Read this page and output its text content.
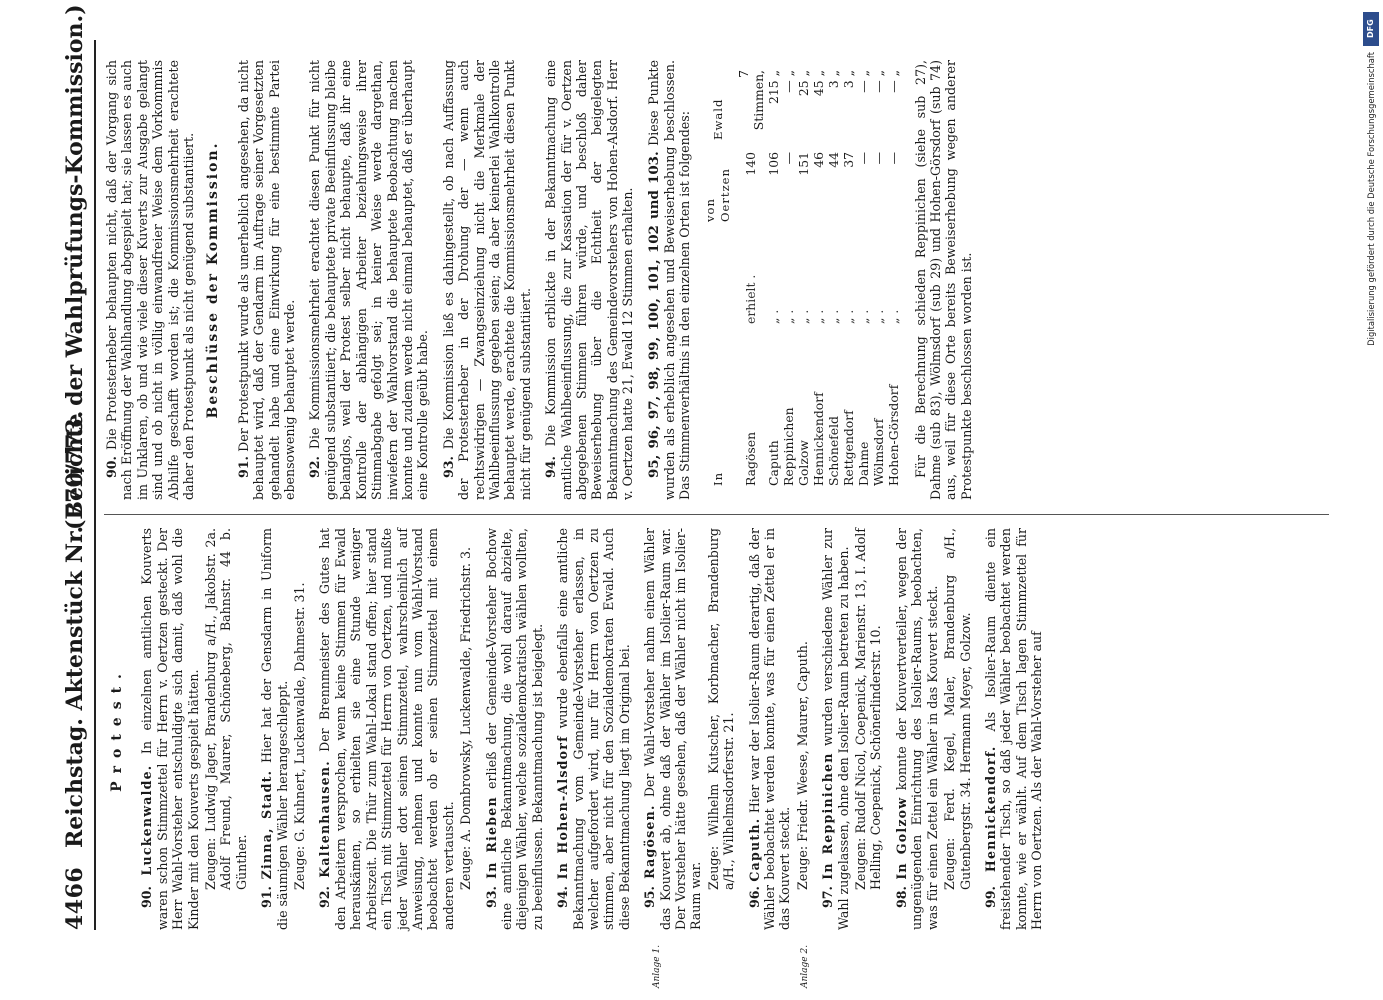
4466
Reichstag. Aktenstück Nr. 770/773.
(Berichte der Wahlprüfungs-Kommission.)
Protest.

90. Luckenwalde. In einzelnen amtlichen Kouverts waren schon Stimmzettel für Herrn v. Oertzen gesteckt. Der Herr Wahl-Vorsteher entschuldigte sich damit, daß wohl die Kinder mit den Kouverts gespielt hätten. Zeugen: Ludwig Jager, Brandenburg a/H., Jakobstr. 2a. Adolf Freund, Maurer, Schöneberg, Bahnstr. 44 b. Günther.

91. Zinna, Stadt. Hier hat der Gensdarm in Uniform die säumigen Wähler herangeschleppt. Zeuge: G. Kuhnert, Luckenwalde, Dahmestr. 31.

92. Kaltenhausen. Der Brennmeister des Gutes hat den Arbeitern versprochen, wenn keine Stimmen für Ewald herauskämen, so erhielten sie eine Stunde weniger Arbeitszeit. Die Thür zum Wahl-Lokal stand offen; hier stand ein Tisch mit Stimmzettel für Herrn von Oertzen, und mußte jeder Wähler dort seinen Stimmzettel, wahrscheinlich auf Anweisung, nehmen und konnte nun vom Wahl-Vorstand beobachtet werden ob er seinen Stimmzettel mit einem anderen vertauscht. Zeuge: A. Dombrowsky, Luckenwalde, Friedrichstr. 3.

93. In Rieben erließ der Gemeinde-Vorsteher Bochow eine amtliche Bekanntmachung, die wohl darauf abzielte, diejenigen Wähler, welche sozialdemokratisch wählen wollten, zu beeinflussen. Bekanntmachung ist beigelegt. 94. In Hohen-Alsdorf wurde ebenfalls eine amtliche Bekanntmachung vom Gemeinde-Vorsteher erlassen, in welcher aufgefordert wird, nur für Herrn von Oertzen zu stimmen, aber nicht für den Sozialdemokraten Ewald. Auch diese Bekanntmachung liegt im Original bei. 95. Ragösen. Der Wahl-Vorsteher nahm einem Wähler das Kouvert ab, ohne daß der Wähler im Isolier-Raum war. Der Vorsteher hätte gesehen, daß der Wähler nicht im Isolier-Raum war.

Zeuge: Wilhelm Kutscher, Korbmacher, Brandenburg a/H., Wilhelmsdorferstr. 21.

96. Caputh. Hier war der Isolier-Raum derartig, daß der Wähler beobachtet werden konnte, was für einen Zettel er in das Kouvert steckt. Zeuge: Friedr. Weese, Maurer, Caputh.

97. In Reppinichen wurden verschiedene Wähler zur Wahl zugelassen, ohne den Isolier-Raum betreten zu haben. Zeugen: Rudolf Nicol, Coepenick, Marienstr. 13, I. Adolf Helling, Coepenick, Schönerlinderstr. 10.

98. In Golzow konnte der Kouvertverteiler, wegen der ungenügenden Einrichtung des Isolier-Raums, beobachten, was für einen Zettel ein Wähler in das Kouvert steckt. Zeugen: Ferd. Kegel, Maler, Brandenburg a/H., Gutenbergstr. 34. Hermann Meyer, Golzow.

99. Hennickendorf. Als Isolier-Raum diente ein freistehender Tisch, so daß jeder Wähler beobachtet werden konnte, wie er wählt. Auf dem Tisch lagen Stimmzettel für Herrn von Oertzen. Als der Wahl-Vorsteher auf

Anlage 1.	Anlage 2.

90. Die Protesterheber behaupten nicht, daß der Vorgang sich nach Eröffnung der Wahlhandlung abgespielt hat; sie lassen es auch im Unklaren, ob und wie viele dieser Kuverts zur Ausgabe gelangt sind und ob nicht in völlig einwandfreier Weise dem Vorkommnis Abhilfe geschafft worden ist; die Kommissionsmehrheit erachtete daher den Protestpunkt als nicht genügend substantiiert. Beschlüsse der Kommission.

91. Der Protestpunkt wurde als unerheblich angesehen, da nicht behauptet wird, daß der Gendarm im Auftrage seiner Vorgesetzten gehandelt habe und eine Einwirkung für eine bestimmte Partei ebensowenig behauptet werde. 92. Die Kommissionsmehrheit erachtet diesen Punkt für nicht genügend substantiiert; die behauptete private Beeinflussung bleibe belanglos, weil der Protest selber nicht behaupte, daß ihr eine Kontrolle der abhängigen Arbeiter beziehungsweise ihrer Stimmabgabe gefolgt sei; in keiner Weise werde dargethan, inwiefern der Wahlvorstand die behauptete Beobachtung machen konnte und zudem werde nicht einmal behauptet, daß er überhaupt eine Kontrolle geübt habe. 93. Die Kommission ließ es dahingestellt, ob nach Auffassung der Protesterheber in der Drohung der — wenn auch rechtswidrigen — Zwangseinziehung nicht die Merkmale der Wahlbeeinflussung gegeben seien; da aber keinerlei Wahlkontrolle behauptet werde, erachtete die Kommissionsmehrheit diesen Punkt nicht für genügend substantiiert. 94. Die Kommission erblickte in der Bekanntmachung eine amtliche Wahlbeeinflussung, die zur Kassation der für v. Oertzen abgegebenen Stimmen führen würde, und beschloß daher Beweiserhebung über die Echtheit der beigelegten Bekanntmachung des Gemeindevorstehers von Hohen-Alsdorf. Herr v. Oertzen hatte 21, Ewald 12 Stimmen erhalten. 95, 96, 97, 98, 99, 100, 101, 102 und 103. Diese Punkte wurden als erheblich angesehen und Beweiserhebung beschlossen. Das Stimmenverhältnis in den einzelnen Orten ist folgendes: In		von Oertzen	Ewald
Ragösen	erhielt .	140	7 Stimmen,
Caputh	„ .	106	215 „
Reppinichen	„ .	—	— „
Golzow	„ .	151	25 „
Hennickendorf	„ .	46	45 „
Schönefeld	„ .	44	3 „
Rettgendorf	„ .	37	3 „
Dahme	„ .	—	— „
Wölmsdorf	„ .	—	— „
Hohen-Görsdorf	„ .	—	— „ Für die Berechnung schieden Reppinichen (siehe sub 27), Dahme (sub 83), Wölmsdorf (sub 29) und Hohen-Görsdorf (sub 74) aus, weil für diese Orte bereits Beweiserhebung wegen anderer Protestpunkte beschlossen worden ist.

DFG
Digitalisierung gefördert durch die Deutsche Forschungsgemeinschaft
